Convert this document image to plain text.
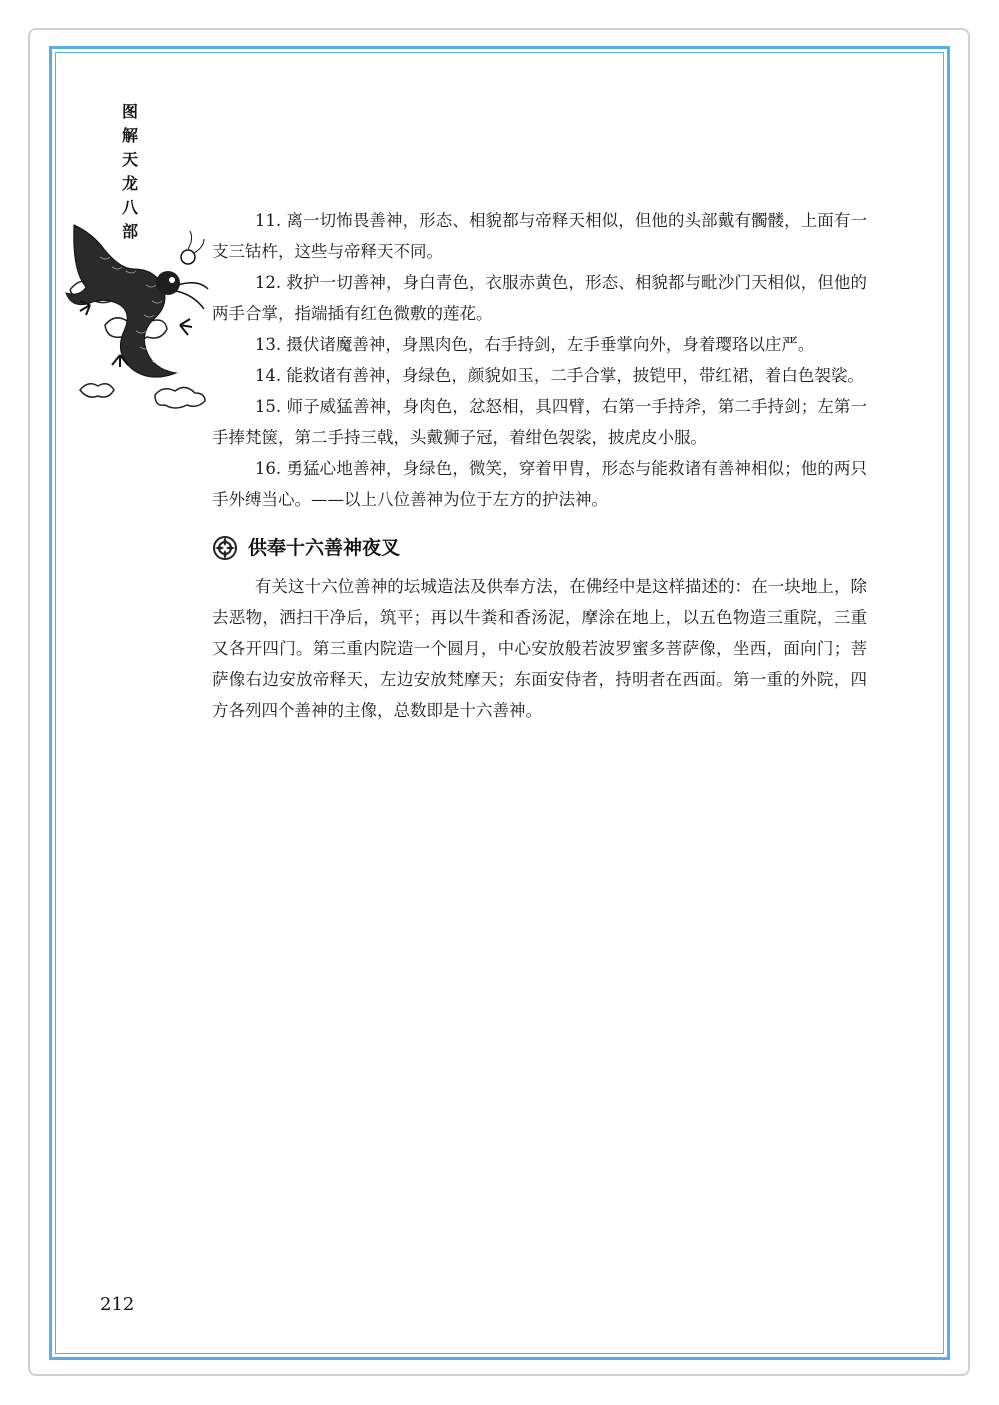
图
解
天
龙
八
部

11. 离一切怖畏善神，形态、相貌都与帝释天相似，但他的头部戴有髑髅，上面有一支三钴杵，这些与帝释天不同。

12. 救护一切善神，身白青色，衣服赤黄色，形态、相貌都与毗沙门天相似，但他的两手合掌，指端插有红色微敷的莲花。

13. 摄伏诸魔善神，身黑肉色，右手持剑，左手垂掌向外，身着璎珞以庄严。

14. 能救诸有善神，身绿色，颜貌如玉，二手合掌，披铠甲，带红裙，着白色袈裟。

15. 师子威猛善神，身肉色，忿怒相，具四臂，右第一手持斧，第二手持剑；左第一手捧梵箧，第二手持三戟，头戴狮子冠，着绀色袈裟，披虎皮小服。

16. 勇猛心地善神，身绿色，微笑，穿着甲胄，形态与能救诸有善神相似；他的两只手外缚当心。——以上八位善神为位于左方的护法神。

供奉十六善神夜叉

有关这十六位善神的坛城造法及供奉方法，在佛经中是这样描述的：在一块地上，除去恶物，洒扫干净后，筑平；再以牛粪和香汤泥，摩涂在地上，以五色物造三重院，三重又各开四门。第三重内院造一个圆月，中心安放般若波罗蜜多菩萨像，坐西，面向门；菩萨像右边安放帝释天，左边安放梵摩天；东面安侍者，持明者在西面。第一重的外院，四方各列四个善神的主像，总数即是十六善神。

212
